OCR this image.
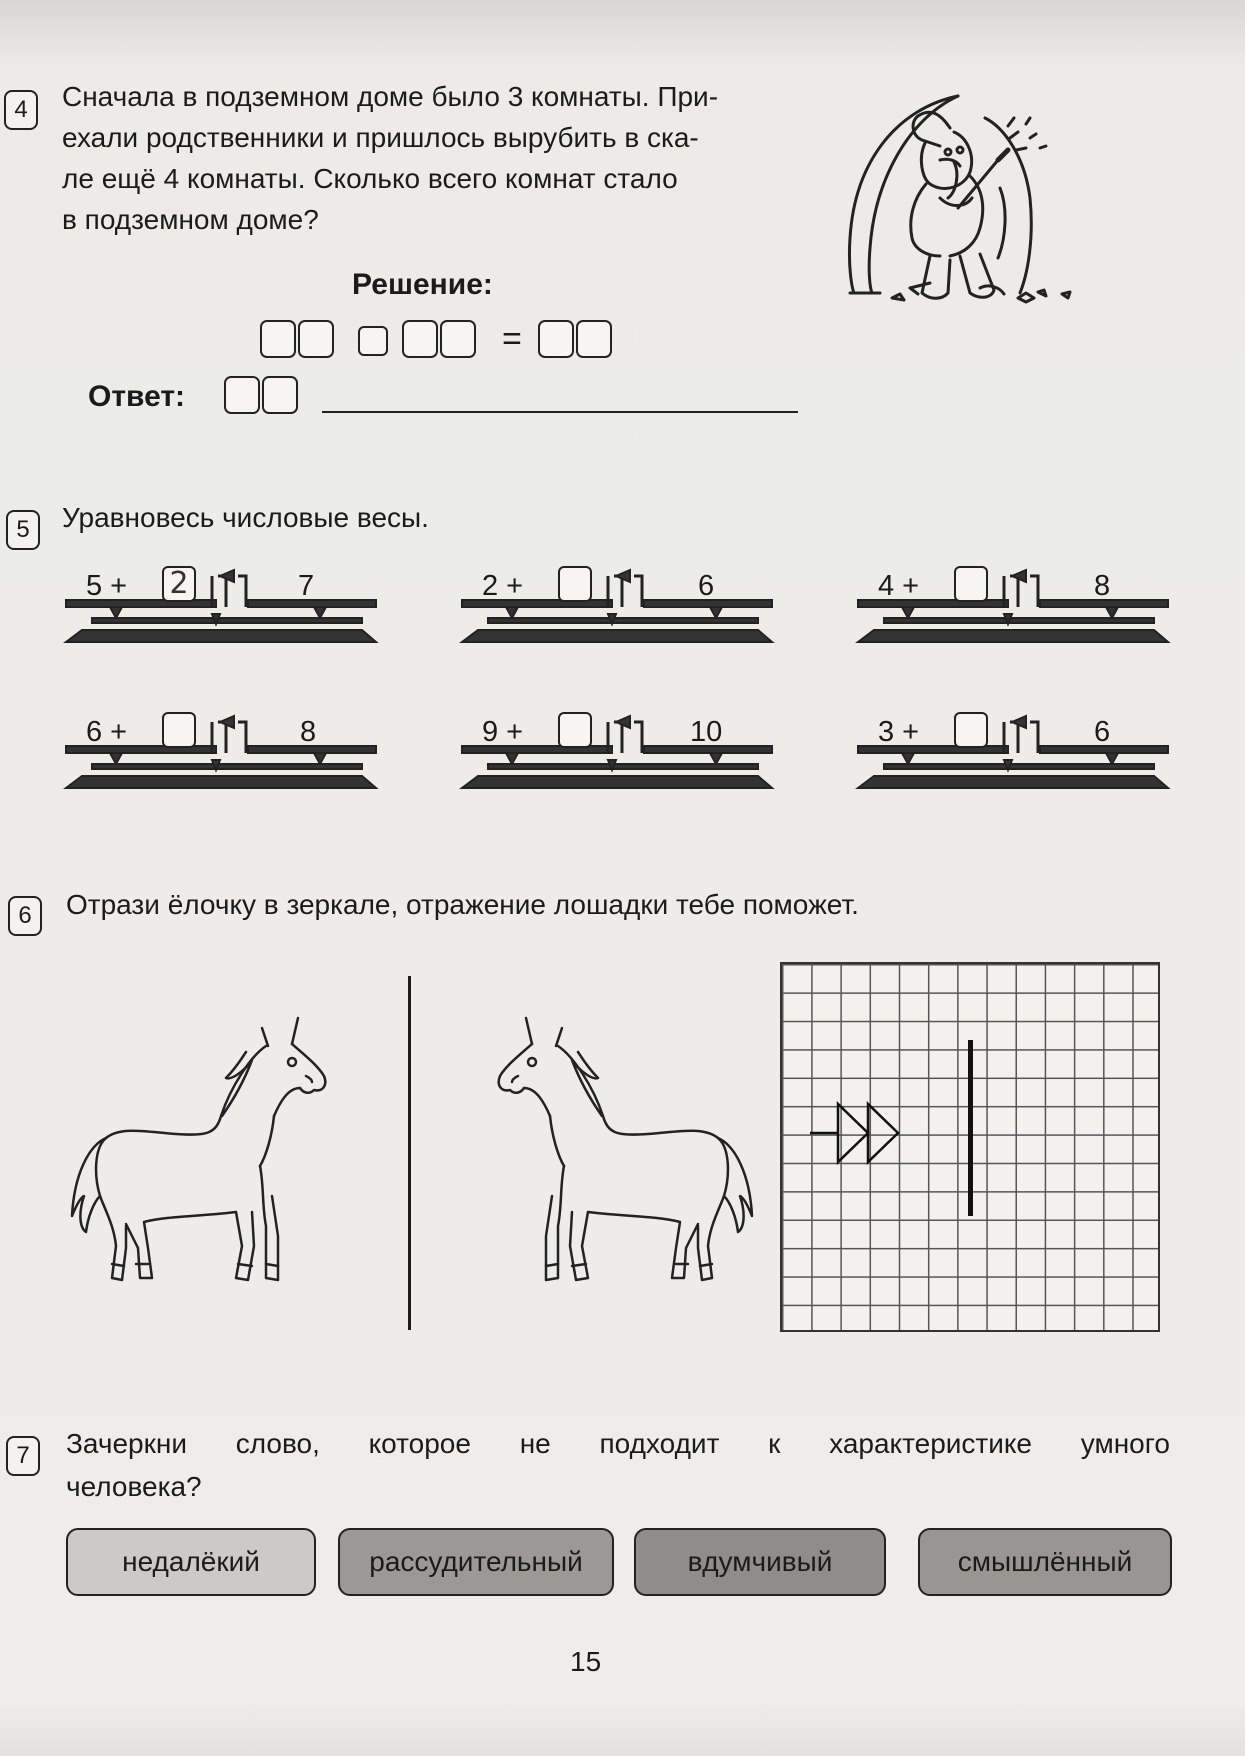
4	Сначала в подземном доме было 3 комнаты. При-
ехали родственники и пришлось вырубить в ска-
ле ещё 4 комнаты. Сколько всего комнат стало
в подземном доме?
Решение:
=
Ответ:
5	Уравновесь числовые весы.
5 + 2	7	2 +	6	4 +	8
6 +	8	9 +	10	3 +	6
6	Отрази ёлочку в зеркале, отражение лошадки тебе поможет.
7	Зачеркни слово, которое не подходит к характеристике умного
человека?
недалёкий	рассудительный	вдумчивый	смышлённый
15
